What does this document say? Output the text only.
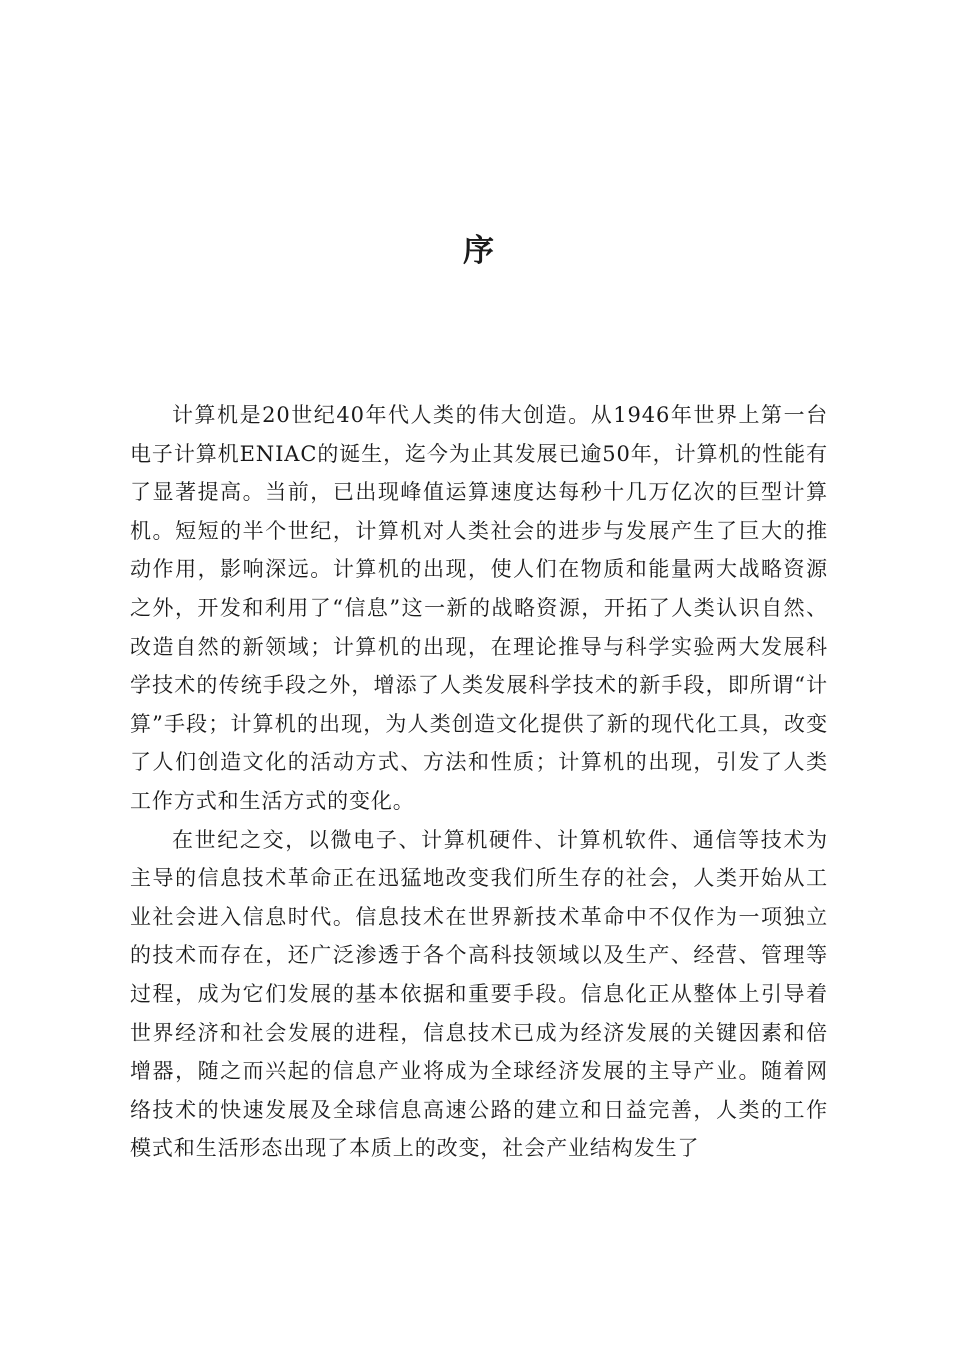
序

计算机是20世纪40年代人类的伟大创造。从1946年世界上第一台电子计算机ENIAC的诞生，迄今为止其发展已逾50年，计算机的性能有了显著提高。当前，已出现峰值运算速度达每秒十几万亿次的巨型计算机。短短的半个世纪，计算机对人类社会的进步与发展产生了巨大的推动作用，影响深远。计算机的出现，使人们在物质和能量两大战略资源之外，开发和利用了“信息”这一新的战略资源，开拓了人类认识自然、改造自然的新领域；计算机的出现，在理论推导与科学实验两大发展科学技术的传统手段之外，增添了人类发展科学技术的新手段，即所谓“计算”手段；计算机的出现，为人类创造文化提供了新的现代化工具，改变了人们创造文化的活动方式、方法和性质；计算机的出现，引发了人类工作方式和生活方式的变化。

在世纪之交，以微电子、计算机硬件、计算机软件、通信等技术为主导的信息技术革命正在迅猛地改变我们所生存的社会，人类开始从工业社会进入信息时代。信息技术在世界新技术革命中不仅作为一项独立的技术而存在，还广泛渗透于各个高科技领域以及生产、经营、管理等过程，成为它们发展的基本依据和重要手段。信息化正从整体上引导着世界经济和社会发展的进程，信息技术已成为经济发展的关键因素和倍增器，随之而兴起的信息产业将成为全球经济发展的主导产业。随着网络技术的快速发展及全球信息高速公路的建立和日益完善，人类的工作模式和生活形态出现了本质上的改变，社会产业结构发生了
